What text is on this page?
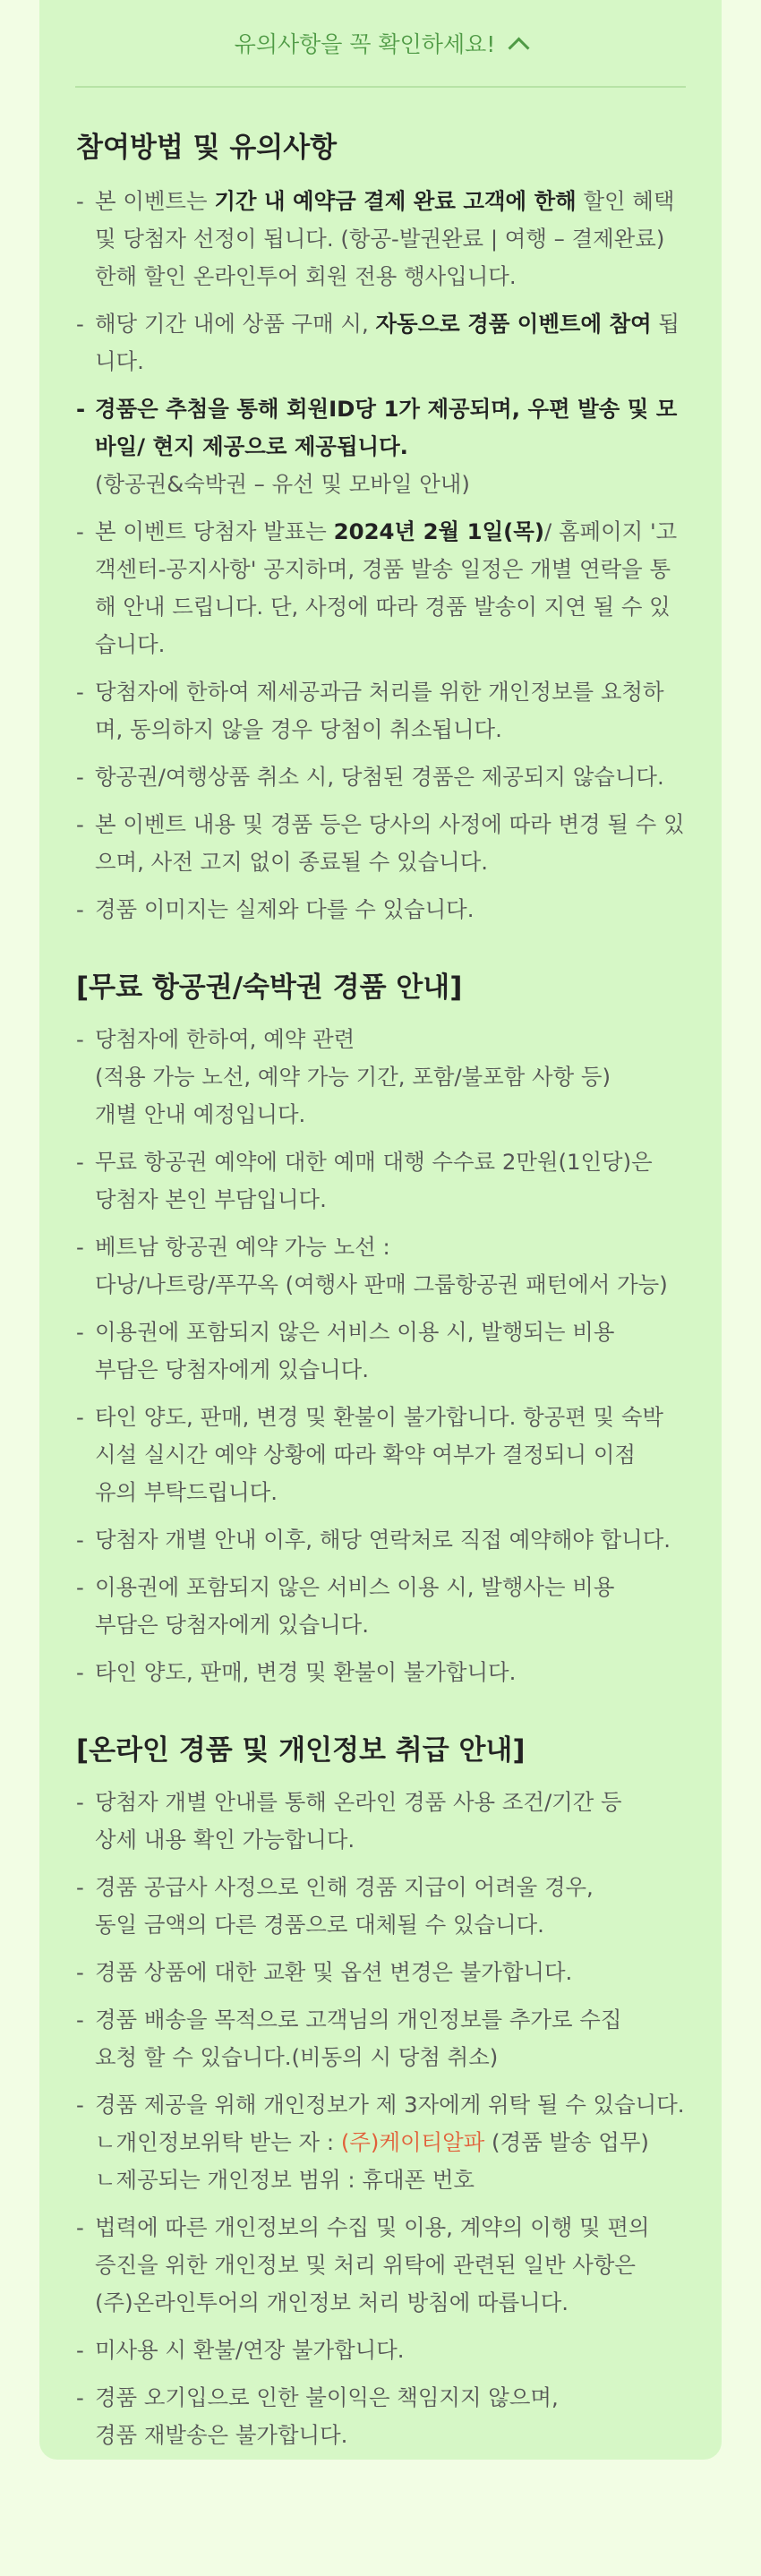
유의사항을 꼭 확인하세요!
참여방법 및 유의사항
- 본 이벤트는 기간 내 예약금 결제 완료 고객에 한해 할인 혜택 및 당첨자 선정이 됩니다. (항공-발권완료 | 여행 – 결제완료) 한해 할인 온라인투어 회원 전용 행사입니다.
- 해당 기간 내에 상품 구매 시, 자동으로 경품 이벤트에 참여 됩니다.
- 경품은 추첨을 통해 회원ID당 1가 제공되며, 우편 발송 및 모바일/ 현지 제공으로 제공됩니다.
(항공권&숙박권 – 유선 및 모바일 안내)
- 본 이벤트 당첨자 발표는 2024년 2월 1일(목)/ 홈페이지 '고객센터-공지사항' 공지하며, 경품 발송 일정은 개별 연락을 통해 안내 드립니다. 단, 사정에 따라 경품 발송이 지연 될 수 있습니다.
- 당첨자에 한하여 제세공과금 처리를 위한 개인정보를 요청하며, 동의하지 않을 경우 당첨이 취소됩니다.
- 항공권/여행상품 취소 시, 당첨된 경품은 제공되지 않습니다.
- 본 이벤트 내용 및 경품 등은 당사의 사정에 따라 변경 될 수 있으며, 사전 고지 없이 종료될 수 있습니다.
- 경품 이미지는 실제와 다를 수 있습니다.
[무료 항공권/숙박권 경품 안내]
- 당첨자에 한하여, 예약 관련
(적용 가능 노선, 예약 가능 기간, 포함/불포함 사항 등)
개별 안내 예정입니다.
- 무료 항공권 예약에 대한 예매 대행 수수료 2만원(1인당)은
당첨자 본인 부담입니다.
- 베트남 항공권 예약 가능 노선 :
다낭/나트랑/푸꾸옥 (여행사 판매 그룹항공권 패턴에서 가능)
- 이용권에 포함되지 않은 서비스 이용 시, 발행되는 비용
부담은 당첨자에게 있습니다.
- 타인 양도, 판매, 변경 및 환불이 불가합니다. 항공편 및 숙박
시설 실시간 예약 상황에 따라 확약 여부가 결정되니 이점
유의 부탁드립니다.
- 당첨자 개별 안내 이후, 해당 연락처로 직접 예약해야 합니다.
- 이용권에 포함되지 않은 서비스 이용 시, 발행사는 비용
부담은 당첨자에게 있습니다.
- 타인 양도, 판매, 변경 및 환불이 불가합니다.
[온라인 경품 및 개인정보 취급 안내]
- 당첨자 개별 안내를 통해 온라인 경품 사용 조건/기간 등
상세 내용 확인 가능합니다.
- 경품 공급사 사정으로 인해 경품 지급이 어려울 경우,
동일 금액의 다른 경품으로 대체될 수 있습니다.
- 경품 상품에 대한 교환 및 옵션 변경은 불가합니다.
- 경품 배송을 목적으로 고객님의 개인정보를 추가로 수집
요청 할 수 있습니다.(비동의 시 당첨 취소)
- 경품 제공을 위해 개인정보가 제 3자에게 위탁 될 수 있습니다.
ㄴ개인정보위탁 받는 자 : (주)케이티알파 (경품 발송 업무)
ㄴ제공되는 개인정보 범위 : 휴대폰 번호
- 법력에 따른 개인정보의 수집 및 이용, 계약의 이행 및 편의
증진을 위한 개인정보 및 처리 위탁에 관련된 일반 사항은
(주)온라인투어의 개인정보 처리 방침에 따릅니다.
- 미사용 시 환불/연장 불가합니다.
- 경품 오기입으로 인한 불이익은 책임지지 않으며,
경품 재발송은 불가합니다.
